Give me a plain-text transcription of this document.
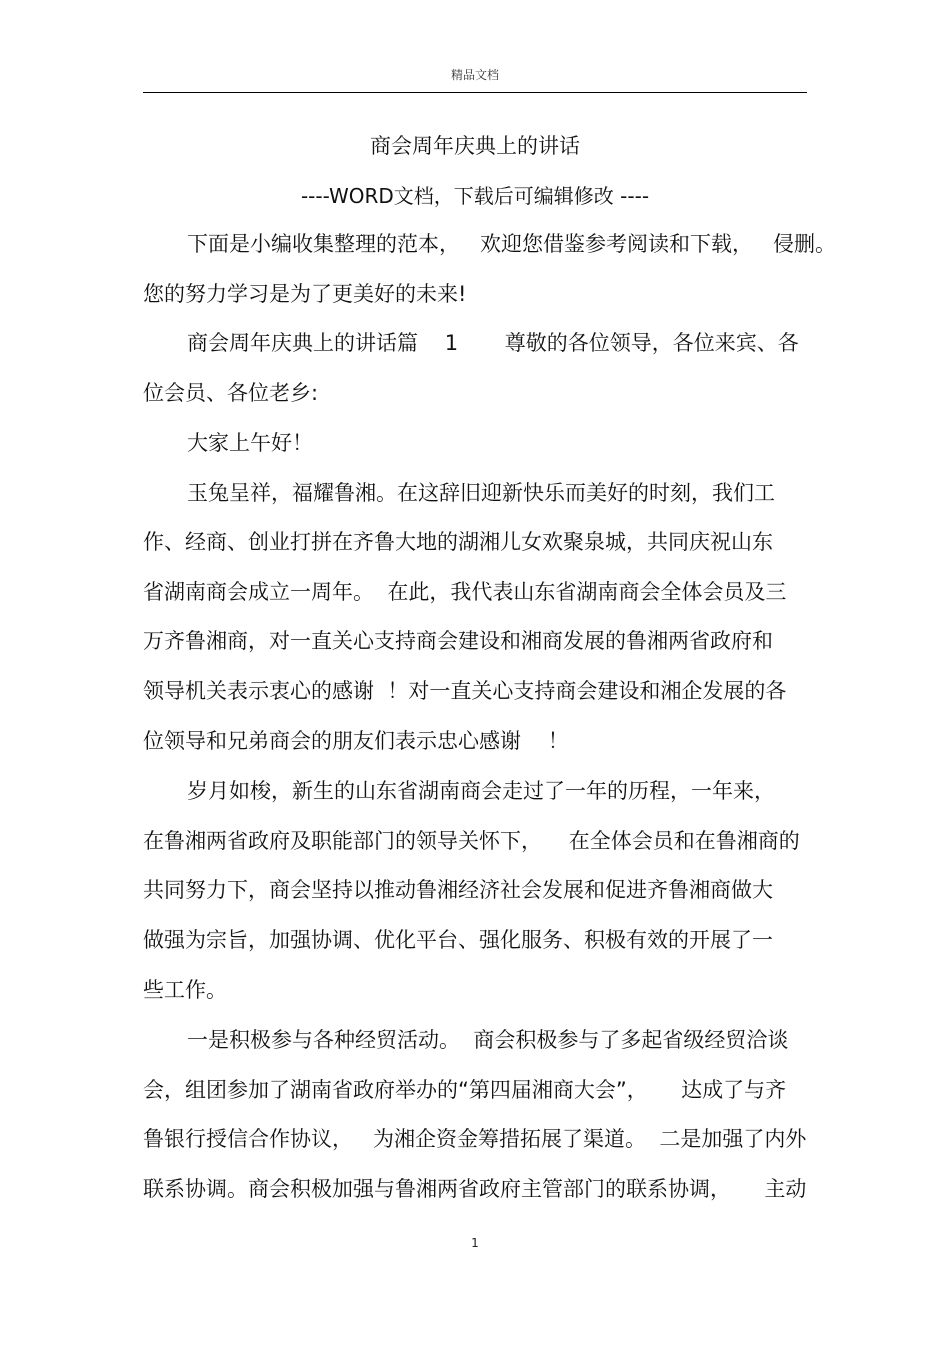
精品文档
商会周年庆典上的讲话
----WORD文档，下载后可编辑修改 ----
下面是小编收集整理的范本，   欢迎您借鉴参考阅读和下载，   侵删。
您的努力学习是为了更美好的未来!
商会周年庆典上的讲话篇    1       尊敬的各位领导，各位来宾、各
位会员、各位老乡:
大家上午好！
玉兔呈祥，福耀鲁湘。在这辞旧迎新快乐而美好的时刻，我们工
作、经商、创业打拼在齐鲁大地的湖湘儿女欢聚泉城，共同庆祝山东
省湖南商会成立一周年。  在此，我代表山东省湖南商会全体会员及三
万齐鲁湘商，对一直关心支持商会建设和湘商发展的鲁湘两省政府和
领导机关表示衷心的感谢  ！对一直关心支持商会建设和湘企发展的各
位领导和兄弟商会的朋友们表示忠心感谢    ！
岁月如梭，新生的山东省湖南商会走过了一年的历程，一年来，
在鲁湘两省政府及职能部门的领导关怀下，    在全体会员和在鲁湘商的
共同努力下，商会坚持以推动鲁湘经济社会发展和促进齐鲁湘商做大
做强为宗旨，加强协调、优化平台、强化服务、积极有效的开展了一
些工作。
一是积极参与各种经贸活动。  商会积极参与了多起省级经贸洽谈
会，组团参加了湖南省政府举办的“第四届湘商大会”，     达成了与齐
鲁银行授信合作协议，   为湘企资金筹措拓展了渠道。  二是加强了内外
联系协调。商会积极加强与鲁湘两省政府主管部门的联系协调，     主动
1
